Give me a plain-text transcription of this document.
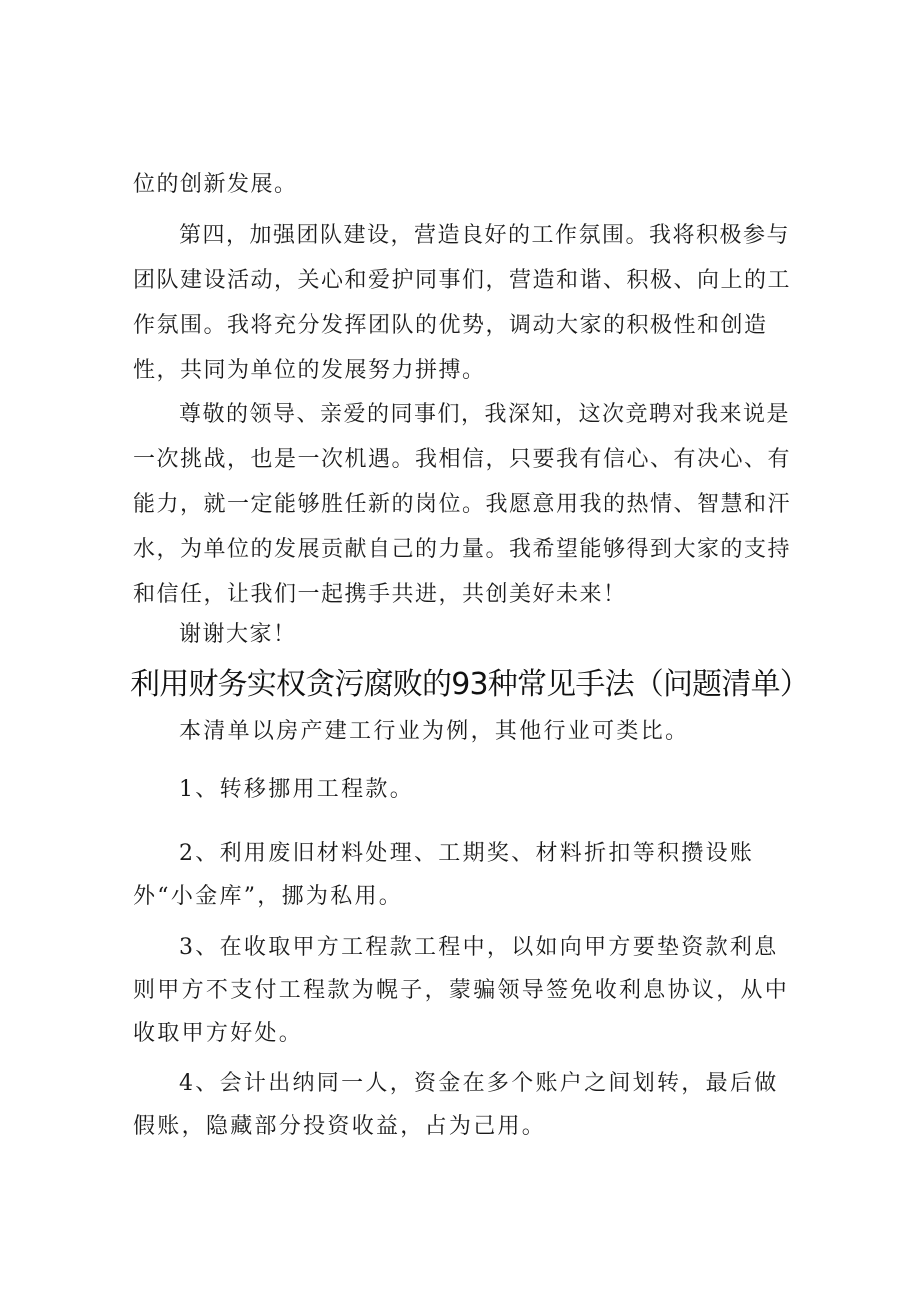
位的创新发展。

第四，加强团队建设，营造良好的工作氛围。我将积极参与团队建设活动，关心和爱护同事们，营造和谐、积极、向上的工作氛围。我将充分发挥团队的优势，调动大家的积极性和创造性，共同为单位的发展努力拼搏。

尊敬的领导、亲爱的同事们，我深知，这次竞聘对我来说是一次挑战，也是一次机遇。我相信，只要我有信心、有决心、有能力，就一定能够胜任新的岗位。我愿意用我的热情、智慧和汗水，为单位的发展贡献自己的力量。我希望能够得到大家的支持和信任，让我们一起携手共进，共创美好未来！

谢谢大家！

利用财务实权贪污腐败的93种常见手法（问题清单）

本清单以房产建工行业为例，其他行业可类比。

1、转移挪用工程款。

2、利用废旧材料处理、工期奖、材料折扣等积攒设账外“小金库”，挪为私用。

3、在收取甲方工程款工程中，以如向甲方要垫资款利息则甲方不支付工程款为幌子，蒙骗领导签免收利息协议，从中收取甲方好处。

4、会计出纳同一人，资金在多个账户之间划转，最后做假账，隐藏部分投资收益，占为己用。
